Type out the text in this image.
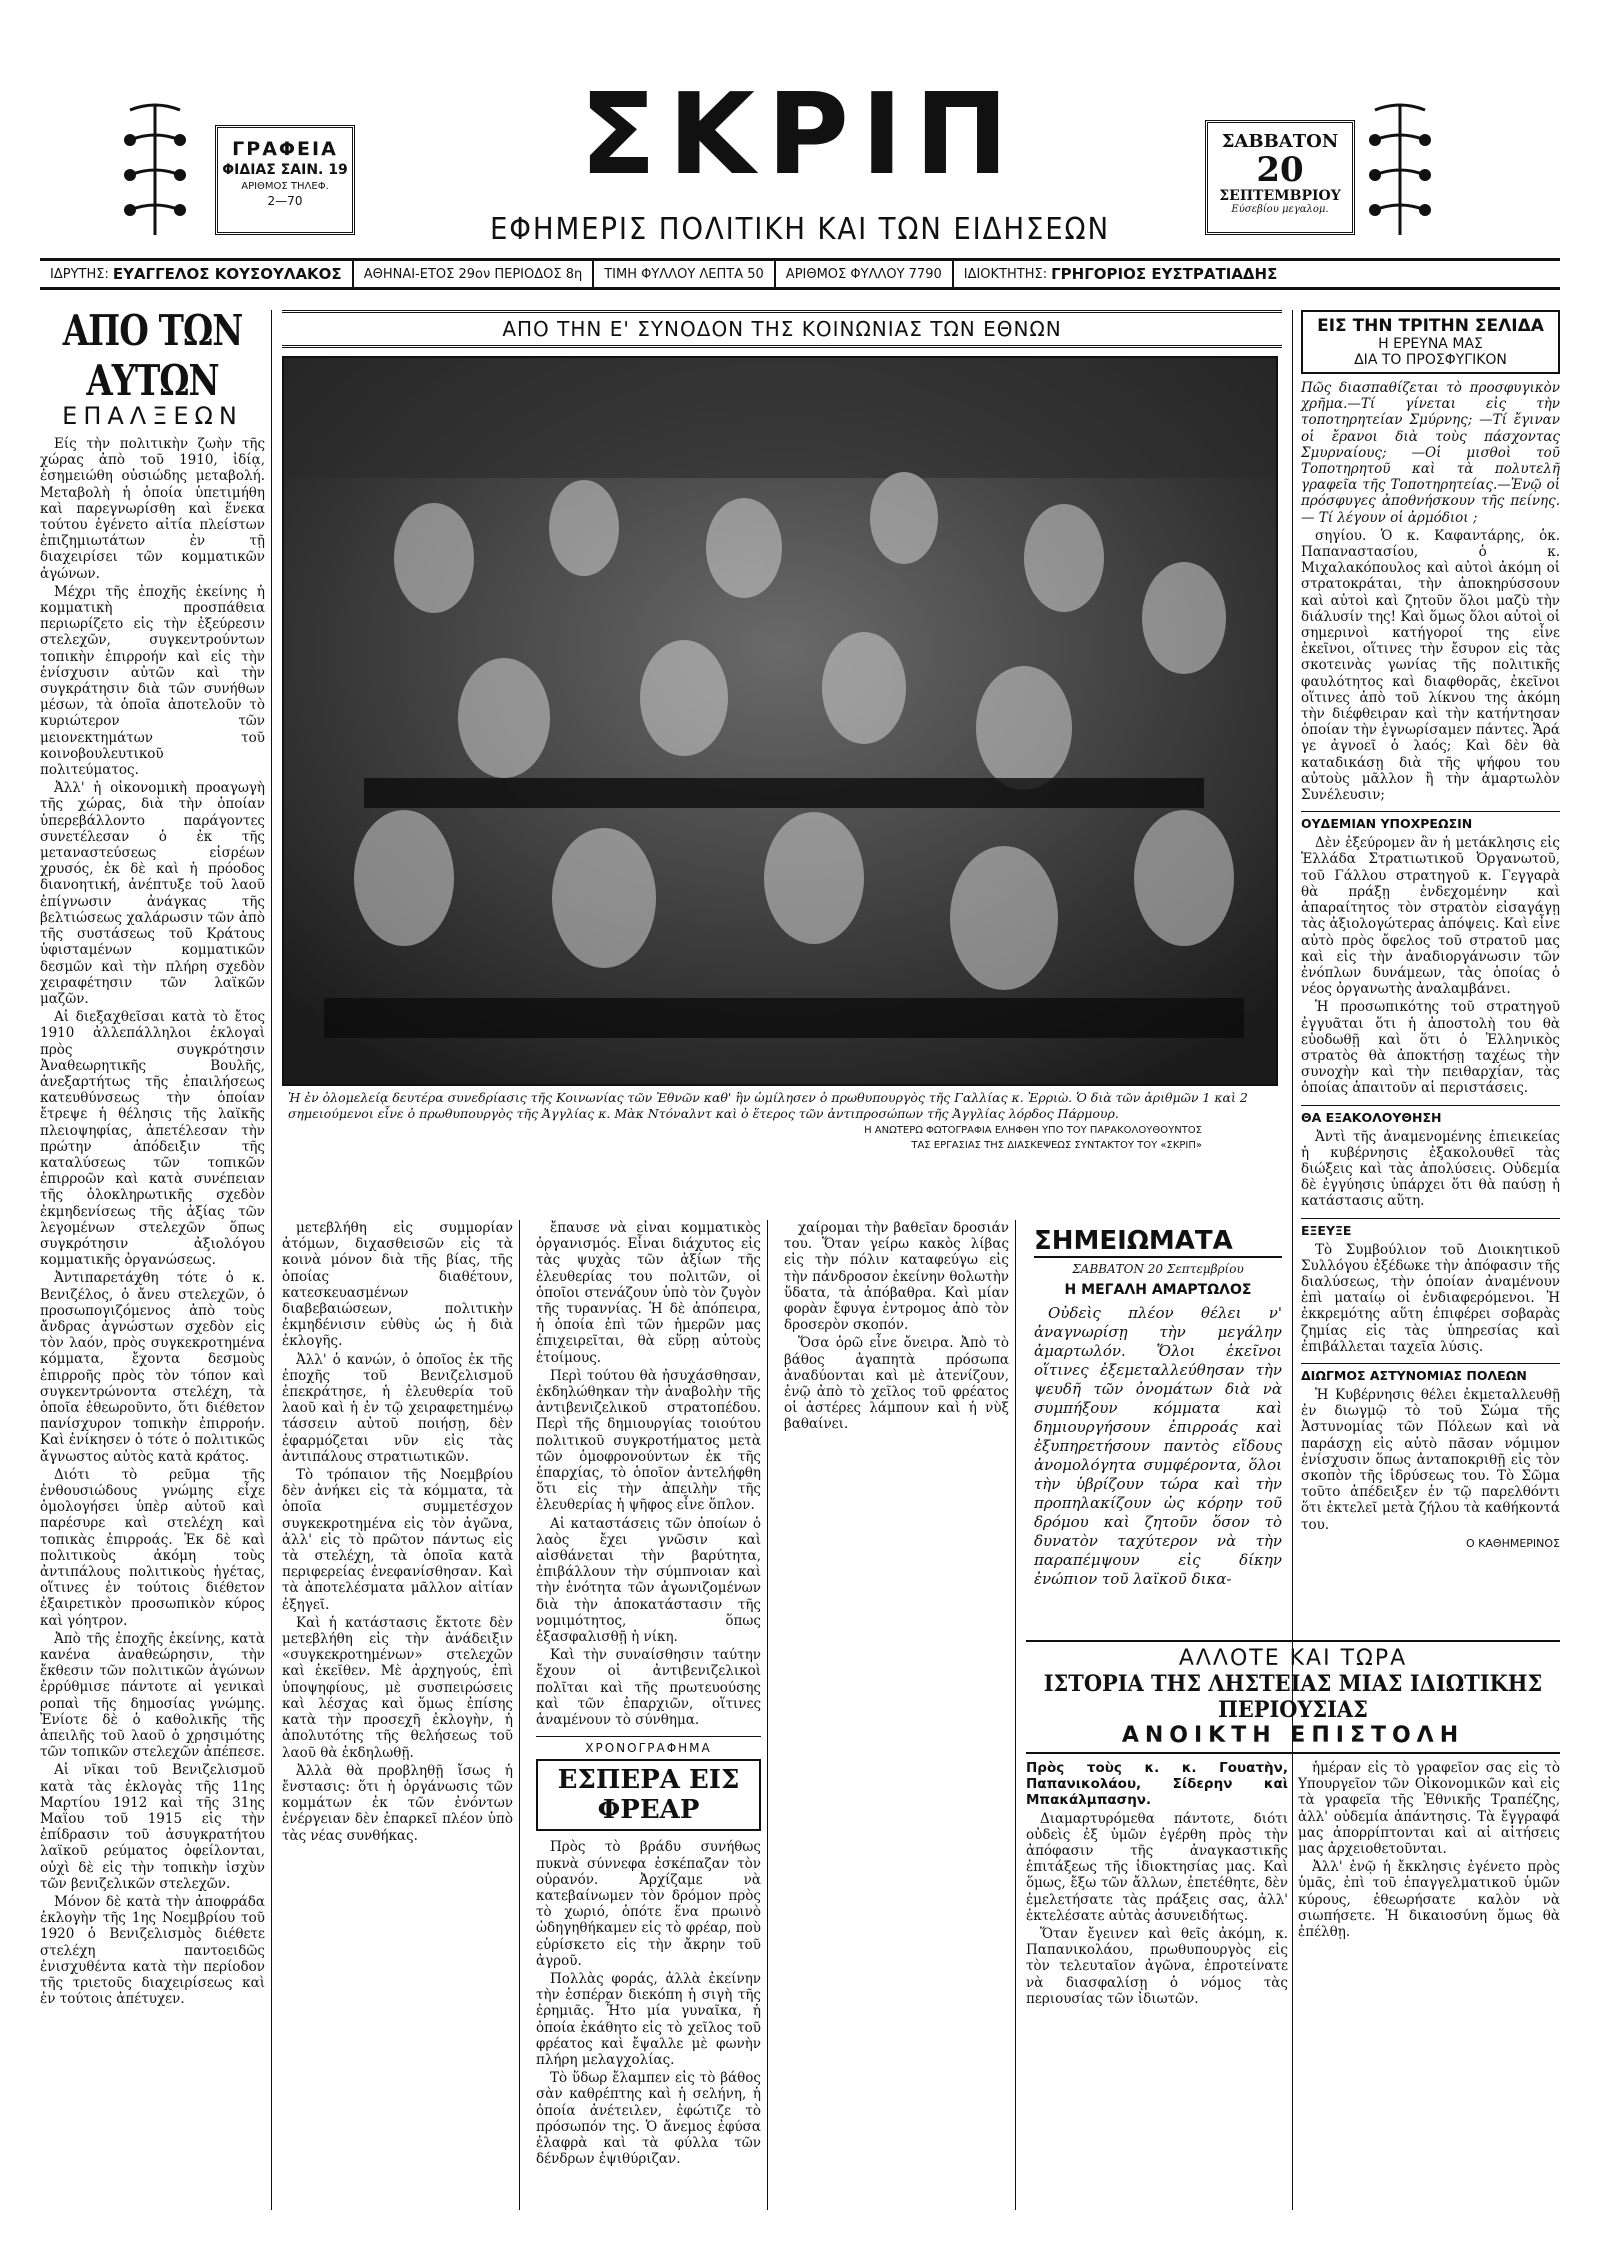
ΓΡΑΦΕΙΑ
ΦΙΔΙΑΣ ΣΑΙΝ. 19
ΑΡΙΘΜΟΣ ΤΗΛΕΦ.
2—70
ΣΚΡΙΠ
ΕΦΗΜΕΡΙΣ ΠΟΛΙΤΙΚΗ ΚΑΙ ΤΩΝ ΕΙΔΗΣΕΩΝ
ΣΑΒΒΑΤΟΝ
20
ΣΕΠΤΕΜΒΡΙΟΥ
Εύσεβίου μεγαλομ.
ΙΔΡΥΤΗΣ: ΕΥΑΓΓΕΛΟΣ ΚΟΥΣΟΥΛΑΚΟΣ	ΑΘΗΝΑΙ-ΕΤΟΣ 29ον ΠΕΡΙΟΔΟΣ 8η	ΤΙΜΗ ΦΥΛΛΟΥ ΛΕΠΤΑ 50	ΑΡΙΘΜΟΣ ΦΥΛΛΟΥ 7790	ΙΔΙΟΚΤΗΤΗΣ: ΓΡΗΓΟΡΙΟΣ ΕΥΣΤΡΑΤΙΑΔΗΣ
ΑΠΟ ΤΩΝ ΑΥΤΩΝ
ΕΠΑΛΞΕΩΝ

Είς τὴν πολιτικὴν ζωὴν τῆς χώρας ἀπὸ τοῦ 1910, ἰδίᾳ, ἐσημειώθη οὐσιώδης μεταβολή. Μεταβολὴ ἡ ὁποία ὑπετιμήθη καὶ παρεγνωρίσθη καὶ ἕνεκα τούτου ἐγένετο αἰτία πλείστων ἐπιζημιωτάτων ἐν τῇ διαχειρίσει τῶν κομματικῶν ἀγώνων.

Μέχρι τῆς ἐποχῆς ἐκείνης ἡ κομματικὴ προσπάθεια περιωρίζετο εἰς τὴν ἐξεύρεσιν στελεχῶν, συγκεντρούντων τοπικὴν ἐπιρροήν καὶ εἰς τὴν ἐνίσχυσιν αὐτῶν καὶ τὴν συγκράτησιν διὰ τῶν συνήθων μέσων, τὰ ὁποῖα ἀποτελοῦν τὸ κυριώτερον τῶν μειονεκτημάτων τοῦ κοινοβουλευτικοῦ πολιτεύματος.

Ἀλλ' ἡ οἰκονομικὴ προαγωγὴ τῆς χώρας, διὰ τὴν ὁποίαν ὑπερεβάλλοντο παράγοντες συνετέλεσαν ὁ ἐκ τῆς μεταναστεύσεως εἰσρέων χρυσός, ἐκ δὲ καὶ ἡ πρόοδος διανοητική, ἀνέπτυξε τοῦ λαοῦ ἐπίγνωσιν ἀνάγκας τῆς βελτιώσεως χαλάρωσιν τῶν ἀπὸ τῆς συστάσεως τοῦ Κράτους ὑφισταμένων κομματικῶν δεσμῶν καὶ τὴν πλήρη σχεδὸν χειραφέτησιν τῶν λαϊκῶν μαζῶν.

Αἱ διεξαχθεῖσαι κατὰ τὸ ἔτος 1910 ἀλλεπάλληλοι ἐκλογαὶ πρὸς συγκρότησιν Ἀναθεωρητικῆς Βουλῆς, ἀνεξαρτήτως τῆς ἐπαιλήσεως κατευθύνσεως τὴν ὁποίαν ἔτρεψε ἡ θέλησις τῆς λαϊκῆς πλειοψηφίας, ἀπετέλεσαν τὴν πρώτην ἀπόδειξιν τῆς καταλύσεως τῶν τοπικῶν ἐπιρροῶν καὶ κατὰ συνέπειαν τῆς ὁλοκληρωτικῆς σχεδὸν ἐκμηδενίσεως τῆς ἀξίας τῶν λεγομένων στελεχῶν ὅπως συγκρότησιν ἀξιολόγου κομματικῆς ὀργανώσεως.

Ἀντιπαρετάχθη τότε ὁ κ. Βενιζέλος, ὁ ἄνευ στελεχῶν, ὁ προσωπογιζόμενος ἀπὸ τοὺς ἄνδρας ἀγνώστων σχεδὸν εἰς τὸν λαόν, πρὸς συγκεκροτημένα κόμματα, ἔχοντα δεσμοὺς ἐπιρροῆς πρὸς τὸν τόπον καὶ συγκεντρώνοντα στελέχη, τὰ ὁποῖα ἐθεωροῦντο, ὅτι διέθετον πανίσχυρον τοπικὴν ἐπιρροήν. Καὶ ἐνίκησεν ὁ τότε ὁ πολιτικῶς ἄγνωστος αὐτὸς κατὰ κράτος.

Διότι τὸ ρεῦμα τῆς ἐνθουσιώδους γνώμης εἶχε ὁμολογήσει ὑπὲρ αὐτοῦ καὶ παρέσυρε καὶ στελέχη καὶ τοπικὰς ἐπιρροάς. Ἐκ δὲ καὶ πολιτικοὺς ἀκόμη τοὺς ἀντιπάλους πολιτικοὺς ἡγέτας, οἵτινες ἐν τούτοις διέθετον ἐξαιρετικὸν προσωπικὸν κύρος καὶ γόητρον.

Ἀπὸ τῆς ἐποχῆς ἐκείνης, κατὰ κανένα ἀναθεώρησιν, τὴν ἔκθεσιν τῶν πολιτικῶν ἀγώνων ἐρρύθμισε πάντοτε αἱ γενικαὶ ροπαὶ τῆς δημοσίας γνώμης. Ἐνίοτε δὲ ὁ καθολικῆς τῆς ἀπειλῆς τοῦ λαοῦ ὁ χρησιμότης τῶν τοπικῶν στελεχῶν ἀπέπεσε.

Αἱ νῖκαι τοῦ Βενιζελισμοῦ κατὰ τὰς ἐκλογὰς τῆς 11ης Μαρτίου 1912 καὶ τῆς 31ης Μαΐου τοῦ 1915 εἰς τὴν ἐπίδρασιν τοῦ ἀσυγκρατήτου λαϊκοῦ ρεύματος ὀφείλονται, οὐχὶ δὲ εἰς τὴν τοπικὴν ἰσχὺν τῶν βενιζελικῶν στελεχῶν.

Μόνον δὲ κατὰ τὴν ἀποφράδα ἐκλογὴν τῆς 1ης Νοεμβρίου τοῦ 1920 ὁ Βενιζελισμὸς διέθετε στελέχη παντοειδῶς ἐνισχυθέντα κατὰ τὴν περίοδον τῆς τριετοῦς διαχειρίσεως καὶ ἐν τούτοις ἀπέτυχεν.

ΑΠΟ ΤΗΝ Ε' ΣΥΝΟΔΟΝ ΤΗΣ ΚΟΙΝΩΝΙΑΣ ΤΩΝ ΕΘΝΩΝ
Ἡ ἐν ὁλομελείᾳ δευτέρα συνεδρίασις τῆς Κοινωνίας τῶν Ἐθνῶν καθ' ἣν ὡμίλησεν ὁ πρωθυπουργὸς τῆς Γαλλίας κ. Ἐρριὼ. Ὁ διὰ τῶν ἀριθμῶν 1 καὶ 2 σημειούμενοι εἶνε ὁ πρωθυπουργὸς τῆς Ἀγγλίας κ. Μὰκ Ντόναλντ καὶ ὁ ἕτερος τῶν ἀντιπροσώπων τῆς Ἀγγλίας λόρδος Πάρμουρ.
Η ΑΝΩΤΕΡΩ ΦΩΤΟΓΡΑΦΙΑ ΕΛΗΦΘΗ ΥΠΟ ΤΟΥ ΠΑΡΑΚΟΛΟΥΘΟΥΝΤΟΣ
ΤΑΣ ΕΡΓΑΣΙΑΣ ΤΗΣ ΔΙΑΣΚΕΨΕΩΣ ΣΥΝΤΑΚΤΟΥ ΤΟΥ «ΣΚΡΙΠ»
ΕΙΣ ΤΗΝ ΤΡΙΤΗΝ ΣΕΛΙΔΑ
Η ΕΡΕΥΝΑ ΜΑΣ
ΔΙΑ ΤΟ ΠΡΟΣΦΥΓΙΚΟΝ

Πῶς διασπαθίζεται τὸ προσφυγικὸν χρῆμα.—Τί γίνεται εἰς τὴν τοποτηρητείαν Σμύρνης; —Τί ἔγιναν οἱ ἔρανοι διὰ τοὺς πάσχοντας Σμυρναίους; —Οἱ μισθοὶ τοῦ Τοποτηρητοῦ καὶ τὰ πολυτελῆ γραφεῖα τῆς Τοποτηρητείας.—Ἐνῷ οἱ πρόσφυγες ἀποθνήσκουν τῆς πείνης. — Τί λέγουν οἱ ἁρμόδιοι ;

σηγίου. Ὁ κ. Καφαντάρης, ὁκ. Παπαναστασίου, ὁ κ. Μιχαλακόπουλος καὶ αὐτοὶ ἀκόμη οἱ στρατοκράται, τὴν ἀποκηρύσσουν καὶ αὐτοὶ καὶ ζητοῦν ὅλοι μαζὺ τὴν διάλυσίν της! Καὶ ὅμως ὅλοι αὐτοὶ οἱ σημερινοὶ κατήγοροί της εἶνε ἐκεῖνοι, οἵτινες τὴν ἔσυρον εἰς τὰς σκοτεινὰς γωνίας τῆς πολιτικῆς φαυλότητος καὶ διαφθορᾶς, ἐκεῖνοι οἵτινες ἀπὸ τοῦ λίκνου της ἀκόμη τὴν διέφθειραν καὶ τὴν κατήντησαν ὁποίαν τὴν ἐγνωρίσαμεν πάντες. Ἄρά γε ἀγνοεῖ ὁ λαός; Καὶ δὲν θὰ καταδικάσῃ διὰ τῆς ψήφου του αὐτοὺς μᾶλλον ἢ τὴν ἁμαρτωλὸν Συνέλευσιν;

ΟΥΔΕΜΙΑΝ ΥΠΟΧΡΕΩΣΙΝ

Δὲν ἐξεύρομεν ἂν ἡ μετάκλησις εἰς Ἑλλάδα Στρατιωτικοῦ Ὀργανωτοῦ, τοῦ Γάλλου στρατηγοῦ κ. Γεγγαρὰ θὰ πράξῃ ἐνδεχομένην καὶ ἀπαραίτητος τὸν στρατὸν εἰσαγάγῃ τὰς ἀξιολογώτερας ἀπόψεις. Καὶ εἶνε αὐτὸ πρὸς ὄφελος τοῦ στρατοῦ μας καὶ εἰς τὴν ἀναδιοργάνωσιν τῶν ἐνόπλων δυνάμεων, τὰς ὁποίας ὁ νέος ὀργανωτὴς ἀναλαμβάνει.

Ἡ προσωπικότης τοῦ στρατηγοῦ ἐγγυᾶται ὅτι ἡ ἀποστολὴ του θὰ εὐοδωθῇ καὶ ὅτι ὁ Ἑλληνικὸς στρατὸς θὰ ἀποκτήσῃ ταχέως τὴν συνοχὴν καὶ τὴν πειθαρχίαν, τὰς ὁποίας ἀπαιτοῦν αἱ περιστάσεις.

ΘΑ ΕΞΑΚΟΛΟΥΘΗΣΗ

Ἀντὶ τῆς ἀναμενομένης ἐπιεικείας ἡ κυβέρνησις ἐξακολουθεῖ τὰς διώξεις καὶ τὰς ἀπολύσεις. Οὐδεμία δὲ ἐγγύησις ὑπάρχει ὅτι θὰ παύσῃ ἡ κατάστασις αὕτη.

ΕΞΕΥΞΕ

Τὸ Συμβούλιον τοῦ Διοικητικοῦ Συλλόγου ἐξέδωκε τὴν ἀπόφασιν τῆς διαλύσεως, τὴν ὁποίαν ἀναμένουν ἐπὶ ματαίῳ οἱ ἐνδιαφερόμενοι. Ἡ ἐκκρεμότης αὕτη ἐπιφέρει σοβαρὰς ζημίας εἰς τὰς ὑπηρεσίας καὶ ἐπιβάλλεται ταχεῖα λύσις.

ΔΙΩΓΜΟΣ ΑΣΤΥΝΟΜΙΑΣ ΠΟΛΕΩΝ

Ἡ Κυβέρνησις θέλει ἐκμεταλλευθῇ ἐν διωγμῷ τὸ τοῦ Σώμα τῆς Ἀστυνομίας τῶν Πόλεων καὶ νὰ παράσχῃ εἰς αὐτὸ πᾶσαν νόμιμον ἐνίσχυσιν ὅπως ἀνταποκριθῇ εἰς τὸν σκοπὸν τῆς ἱδρύσεως του. Τὸ Σῶμα τοῦτο ἀπέδειξεν ἐν τῷ παρελθόντι ὅτι ἐκτελεῖ μετὰ ζήλου τὰ καθήκοντά του.

Ο ΚΑΘΗΜΕΡΙΝΟΣ

μετεβλήθη εἰς συμμορίαν ἀτόμων, διχασθεισῶν εἰς τὰ κοινὰ μόνον διὰ τῆς βίας, τῆς ὁποίας διαθέτουν, κατεσκευασμένων διαβεβαιώσεων, πολιτικὴν ἐκμηδένισιν εὐθὺς ὡς ἡ διὰ ἐκλογῆς.

Ἀλλ' ὁ κανών, ὁ ὁποῖος ἐκ τῆς ἐποχῆς τοῦ Βενιζελισμοῦ ἐπεκράτησε, ἡ ἐλευθερία τοῦ λαοῦ καὶ ἡ ἐν τῷ χειραφετημένῳ τάσσειν αὐτοῦ ποιήσῃ, δὲν ἐφαρμόζεται νῦν εἰς τὰς ἀντιπάλους στρατιωτικῶν.

Τὸ τρόπαιον τῆς Νοεμβρίου δὲν ἀνήκει εἰς τὰ κόμματα, τὰ ὁποῖα συμμετέσχον συγκεκροτημένα εἰς τὸν ἀγῶνα, ἀλλ' εἰς τὸ πρῶτον πάντως εἰς τὰ στελέχη, τὰ ὁποῖα κατὰ περιφερείας ἐνεφανίσθησαν. Καὶ τὰ ἀποτελέσματα μᾶλλον αἰτίαν ἐξηγεῖ.

Καὶ ἡ κατάστασις ἔκτοτε δὲν μετεβλήθη εἰς τὴν ἀνάδειξιν «συγκεκροτημένων» στελεχῶν καὶ ἐκεῖθεν. Μὲ ἀρχηγούς, ἐπὶ ὑποψηφίους, μὲ συσπειρώσεις καὶ λέσχας καὶ ὅμως ἐπίσης κατὰ τὴν προσεχῆ ἐκλογὴν, ἡ ἀπολυτότης τῆς θελήσεως τοῦ λαοῦ θὰ ἐκδηλωθῇ.

Ἀλλὰ θὰ προβληθῇ ἴσως ἡ ἔνστασις: ὅτι ἡ ὀργάνωσις τῶν κομμάτων ἐκ τῶν ἐνόντων ἐνέργειαν δὲν ἐπαρκεῖ πλέον ὑπὸ τὰς νέας συνθήκας.

ἔπαυσε νὰ εἶναι κομματικὸς ὀργανισμός. Εἶναι διάχυτος εἰς τὰς ψυχὰς τῶν ἀξίων τῆς ἐλευθερίας του πολιτῶν, οἱ ὁποῖοι στενάζουν ὑπὸ τὸν ζυγὸν τῆς τυραννίας. Ἡ δὲ ἀπόπειρα, ἡ ὁποία ἐπὶ τῶν ἡμερῶν μας ἐπιχειρεῖται, θὰ εὕρῃ αὐτοὺς ἑτοίμους.

Περὶ τούτου θὰ ἠσυχάσθησαν, ἐκδηλώθηκαν τὴν ἀναβολὴν τῆς ἀντιβενιζελικοῦ στρατοπέδου. Περὶ τῆς δημιουργίας τοιούτου πολιτικοῦ συγκροτήματος μετὰ τῶν ὁμοφρονούντων ἐκ τῆς ἐπαρχίας, τὸ ὁποῖον ἀντελήφθη ὅτι εἰς τὴν ἀπειλὴν τῆς ἐλευθερίας ἡ ψῆφος εἶνε ὅπλον.

Αἱ καταστάσεις τῶν ὁποίων ὁ λαὸς ἔχει γνῶσιν καὶ αἰσθάνεται τὴν βαρύτητα, ἐπιβάλλουν τὴν σύμπνοιαν καὶ τὴν ἑνότητα τῶν ἀγωνιζομένων διὰ τὴν ἀποκατάστασιν τῆς νομιμότητος, ὅπως ἐξασφαλισθῇ ἡ νίκη.

Καὶ τὴν συναίσθησιν ταύτην ἔχουν οἱ ἀντιβενιζελικοὶ πολῖται καὶ τῆς πρωτευούσης καὶ τῶν ἐπαρχιῶν, οἵτινες ἀναμένουν τὸ σύνθημα.

ΧΡΟΝΟΓΡΑΦΗΜΑ
ΕΣΠΕΡΑ ΕΙΣ ΦΡΕΑΡ

Πρὸς τὸ βράδυ συνήθως πυκνὰ σύννεφα ἐσκέπαζαν τὸν οὐρανόν. Ἀρχίζαμε νὰ κατεβαίνωμεν τὸν δρόμον πρὸς τὸ χωριό, ὁπότε ἕνα πρωινὸ ὡδηγηθήκαμεν εἰς τὸ φρέαρ, ποὺ εὑρίσκετο εἰς τὴν ἄκρην τοῦ ἀγροῦ.

Πολλὰς φοράς, ἀλλὰ ἐκείνην τὴν ἑσπέραν διεκόπη ἡ σιγὴ τῆς ἐρημιᾶς. Ἦτο μία γυναῖκα, ἡ ὁποία ἐκάθητο εἰς τὸ χεῖλος τοῦ φρέατος καὶ ἔψαλλε μὲ φωνὴν πλήρη μελαγχολίας.

Τὸ ὕδωρ ἔλαμπεν εἰς τὸ βάθος σὰν καθρέπτης καὶ ἡ σελήνη, ἡ ὁποία ἀνέτειλεν, ἐφώτιζε τὸ πρόσωπόν της. Ὁ ἄνεμος ἐφύσα ἐλαφρὰ καὶ τὰ φύλλα τῶν δένδρων ἐψιθύριζαν.

χαίρομαι τὴν βαθεῖαν δροσιάν του. Ὅταν γείρω κακὸς λίβας εἰς τὴν πόλιν καταφεύγω εἰς τὴν πάνδροσον ἐκείνην θολωτὴν ὕδατα, τὰ ἀπόβαθρα. Καὶ μίαν φορὰν ἔφυγα ἐντρομος ἀπὸ τὸν δροσερὸν σκοπόν.

Ὅσα ὁρῶ εἶνε ὄνειρα. Ἀπὸ τὸ βάθος ἀγαπητὰ πρόσωπα ἀναδύονται καὶ μὲ ἀτενίζουν, ἐνῷ ἀπὸ τὸ χεῖλος τοῦ φρέατος οἱ ἀστέρες λάμπουν καὶ ἡ νὺξ βαθαίνει.

ΣΗΜΕΙΩΜΑΤΑ
ΣΑΒΒΑΤΟΝ 20 Σεπτεμβρίου
Η ΜΕΓΑΛΗ ΑΜΑΡΤΩΛΟΣ

Οὐδεὶς πλέον θέλει ν' ἀναγνωρίσῃ τὴν μεγάλην ἁμαρτωλόν. Ὅλοι ἐκεῖνοι οἵτινες ἐξεμεταλλεύθησαν τὴν ψευδῆ τῶν ὀνομάτων διὰ νὰ συμπήξουν κόμματα καὶ δημιουργήσουν ἐπιρροάς καὶ ἐξυπηρετήσουν παντὸς εἴδους ἀνομολόγητα συμφέροντα, ὅλοι τὴν ὑβρίζουν τώρα καὶ τὴν προπηλακίζουν ὡς κόρην τοῦ δρόμου καὶ ζητοῦν ὅσον τὸ δυνατὸν ταχύτερον νὰ τὴν παραπέμψουν εἰς δίκην ἐνώπιον τοῦ λαϊκοῦ δικα-

ΑΛΛΟΤΕ ΚΑΙ ΤΩΡΑ
ΙΣΤΟΡΙΑ ΤΗΣ ΛΗΣΤΕΙΑΣ ΜΙΑΣ ΙΔΙΩΤΙΚΗΣ ΠΕΡΙΟΥΣΙΑΣ
ΑΝΟΙΚΤΗ ΕΠΙΣΤΟΛΗ

Πρὸς τοὺς κ. κ. Γουατὴν, Παπανικολάου, Σίδερην καὶ Μπακάλμπασην.

Διαμαρτυρόμεθα πάντοτε, διότι οὐδεὶς ἐξ ὑμῶν ἐγέρθη πρὸς τὴν ἀπόφασιν τῆς ἀναγκαστικῆς ἐπιτάξεως τῆς ἰδιοκτησίας μας. Καὶ ὅμως, ἔξω τῶν ἄλλων, ἐπετέθητε, δὲν ἐμελετήσατε τὰς πράξεις σας, ἀλλ' ἐκτελέσατε αὐτὰς ἀσυνειδήτως.

Ὅταν ἔγεινεν καὶ θεῖς ἀκόμη, κ. Παπανικολάου, πρωθυπουργὸς εἰς τὸν τελευταῖον ἀγῶνα, ἐπροτείνατε νὰ διασφαλίσῃ ὁ νόμος τὰς περιουσίας τῶν ἰδιωτῶν.

ἡμέραν εἰς τὸ γραφεῖον σας εἰς τὸ Υπουργεῖον τῶν Οἰκονομικῶν καὶ εἰς τὰ γραφεῖα τῆς Ἐθνικῆς Τραπέζης, ἀλλ' οὐδεμία ἀπάντησις. Τὰ ἔγγραφά μας ἀπορρίπτονται καὶ αἱ αἰτήσεις μας ἀρχειοθετοῦνται.

Ἀλλ' ἐνῷ ἡ ἔκκλησις ἐγένετο πρὸς ὑμᾶς, ἐπὶ τοῦ ἐπαγγελματικοῦ ὑμῶν κύρους, ἐθεωρήσατε καλὸν νὰ σιωπήσετε. Ἡ δικαιοσύνη ὅμως θὰ ἐπέλθῃ.
